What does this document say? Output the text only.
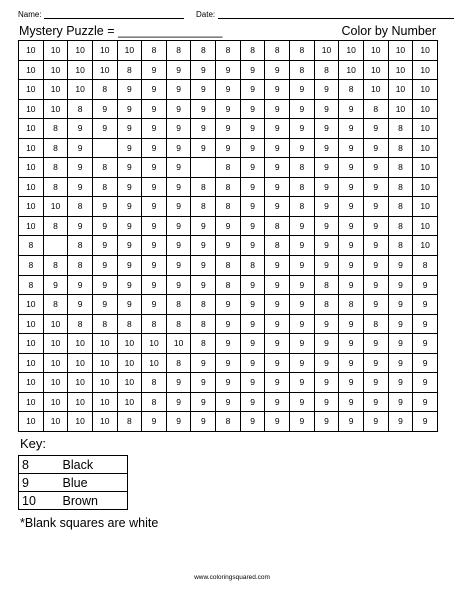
Name:	Date:
Mystery Puzzle = _______________	Color by Number
10	10	10	10	10	8	8	8	8	8	8	8	10	10	10	10	10
10	10	10	10	8	9	9	9	9	9	9	8	8	10	10	10	10
10	10	10	8	9	9	9	9	9	9	9	9	9	8	10	10	10
10	10	8	9	9	9	9	9	9	9	9	9	9	9	8	10	10
10	8	9	9	9	9	9	9	9	9	9	9	9	9	9	8	10
10	8	9		9	9	9	9	9	9	9	9	9	9	9	8	10
10	8	9	8	9	9	9		8	9	9	8	9	9	9	8	10
10	8	9	8	9	9	9	8	8	9	9	8	9	9	9	8	10
10	10	8	9	9	9	9	8	8	9	9	8	9	9	9	8	10
10	8	9	9	9	9	9	9	9	9	8	9	9	9	9	8	10
8		8	9	9	9	9	9	9	9	8	9	9	9	9	8	10
8	8	8	9	9	9	9	9	8	8	9	9	9	9	9	9	8
8	9	9	9	9	9	9	9	8	9	9	9	8	9	9	9	9
10	8	9	9	9	9	8	8	9	9	9	9	8	8	9	9	9
10	10	8	8	8	8	8	8	9	9	9	9	9	9	8	9	9
10	10	10	10	10	10	10	8	9	9	9	9	9	9	9	9	9
10	10	10	10	10	10	8	9	9	9	9	9	9	9	9	9	9
10	10	10	10	10	8	9	9	9	9	9	9	9	9	9	9	9
10	10	10	10	10	8	9	9	9	9	9	9	9	9	9	9	9
10	10	10	10	8	9	9	9	8	9	9	9	9	9	9	9	9
Key:
8	Black
9	Blue
10	Brown
*Blank squares are white
www.coloringsquared.com
